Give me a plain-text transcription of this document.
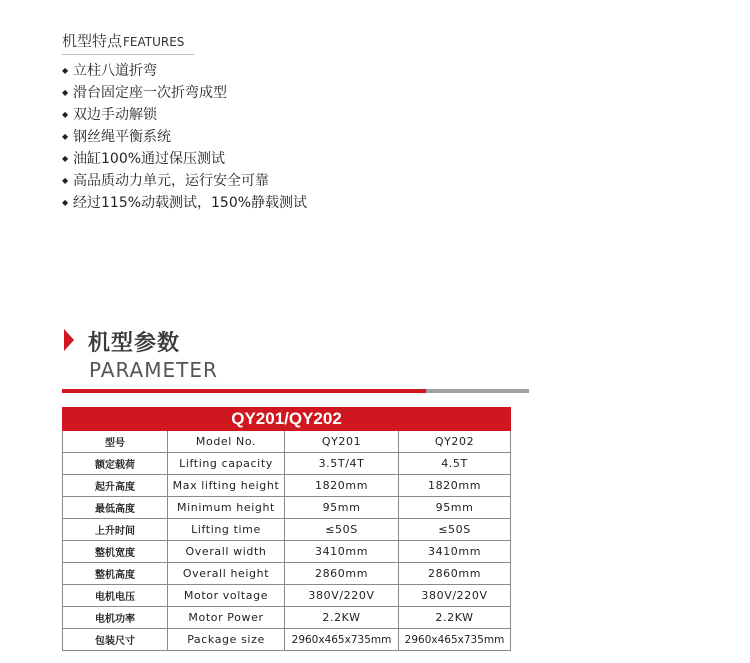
机型特点FEATURES
◆ 立柱八道折弯
◆ 滑台固定座一次折弯成型
◆ 双边手动解锁
◆ 钢丝绳平衡系统
◆ 油缸100%通过保压测试
◆ 高品质动力单元，运行安全可靠
◆ 经过115%动载测试，150%静载测试
机型参数
PARAMETER
QY201/QY202			
型号	Model No.	QY201	QY202
额定载荷	Lifting capacity	3.5T/4T	4.5T
起升高度	Max lifting height	1820mm	1820mm
最低高度	Minimum height	95mm	95mm
上升时间	Lifting time	≤50S	≤50S
整机宽度	Overall width	3410mm	3410mm
整机高度	Overall height	2860mm	2860mm
电机电压	Motor voltage	380V/220V	380V/220V
电机功率	Motor Power	2.2KW	2.2KW
包装尺寸	Package size	2960x465x735mm	2960x465x735mm
